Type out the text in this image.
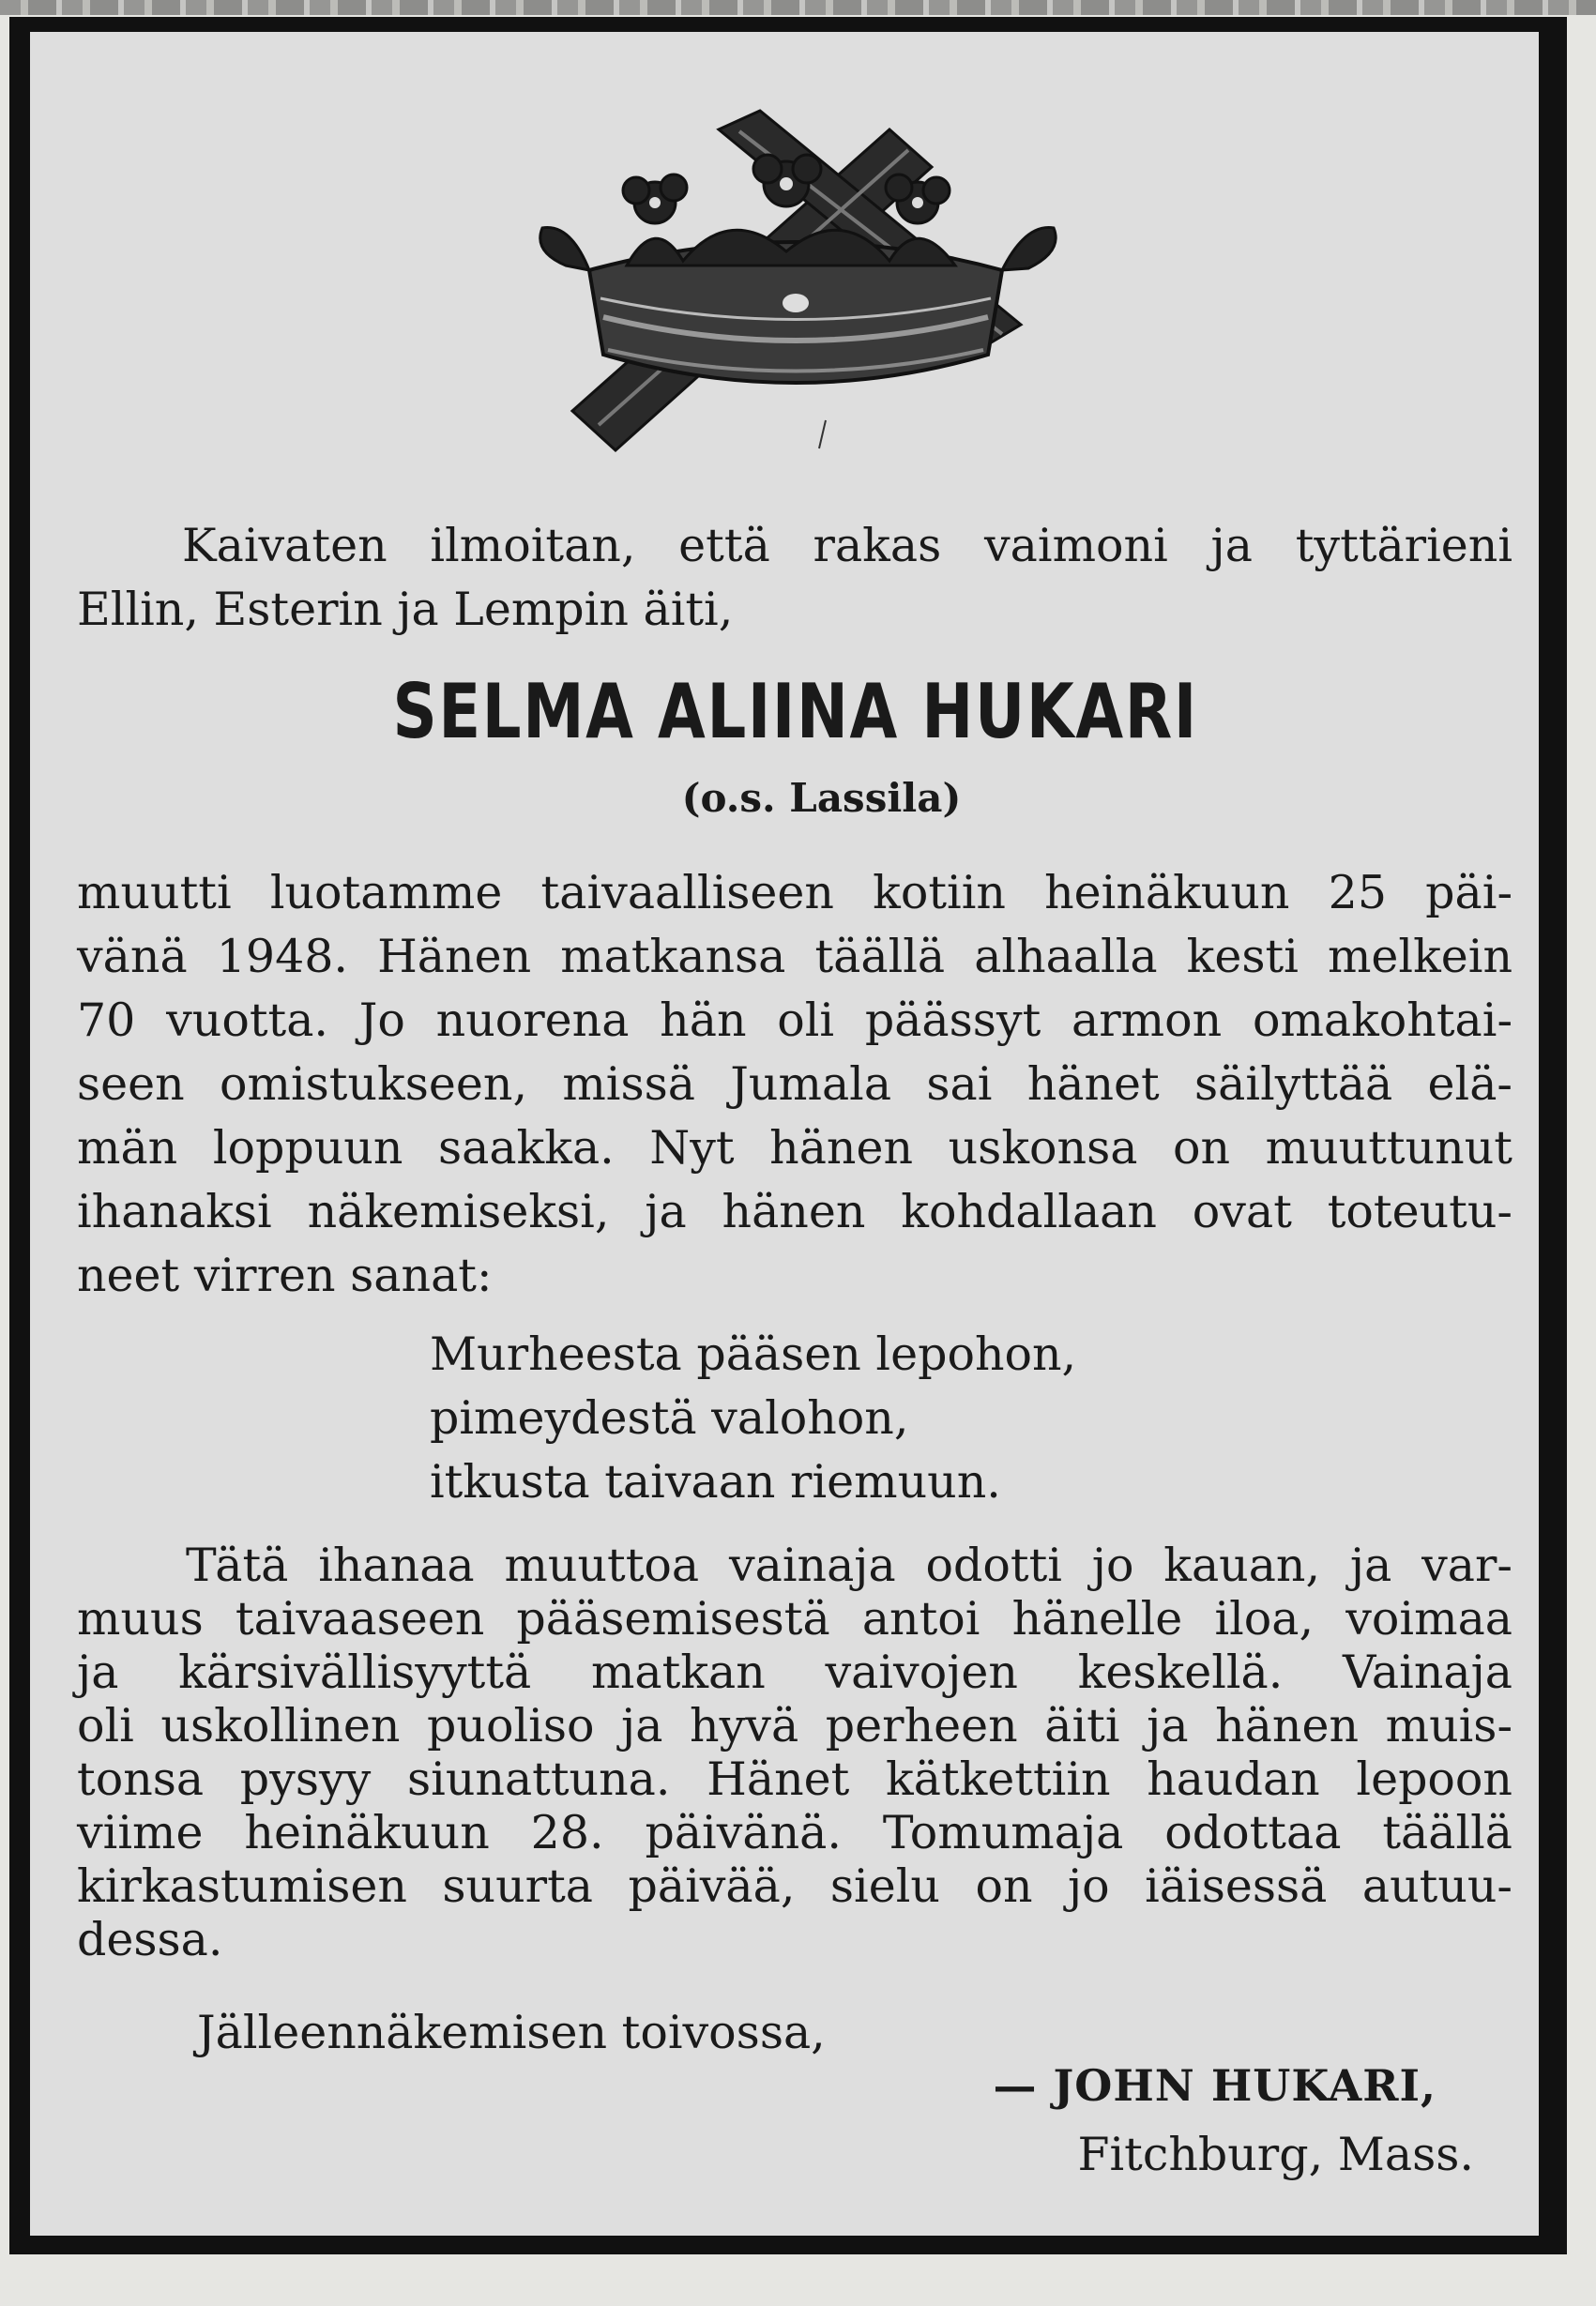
Kaivaten ilmoitan, että rakas vaimoni ja tyttärieni
Ellin, Esterin ja Lempin äiti,
SELMA ALIINA HUKARI
(o.s. Lassila)
muutti luotamme taivaalliseen kotiin heinäkuun 25 päi-
vänä 1948. Hänen matkansa täällä alhaalla kesti melkein
70 vuotta. Jo nuorena hän oli päässyt armon omakohtai-
seen omistukseen, missä Jumala sai hänet säilyttää elä-
män loppuun saakka. Nyt hänen uskonsa on muuttunut
ihanaksi näkemiseksi, ja hänen kohdallaan ovat toteutu-
neet virren sanat:
Murheesta pääsen lepohon,
pimeydestä valohon,
itkusta taivaan riemuun.
Tätä ihanaa muuttoa vainaja odotti jo kauan, ja var-
muus taivaaseen pääsemisestä antoi hänelle iloa, voimaa
ja kärsivällisyyttä matkan vaivojen keskellä. Vainaja
oli uskollinen puoliso ja hyvä perheen äiti ja hänen muis-
tonsa pysyy siunattuna. Hänet kätkettiin haudan lepoon
viime heinäkuun 28. päivänä. Tomumaja odottaa täällä
kirkastumisen suurta päivää, sielu on jo iäisessä autuu-
dessa.
Jälleennäkemisen toivossa,
— JOHN HUKARI,
Fitchburg, Mass.
